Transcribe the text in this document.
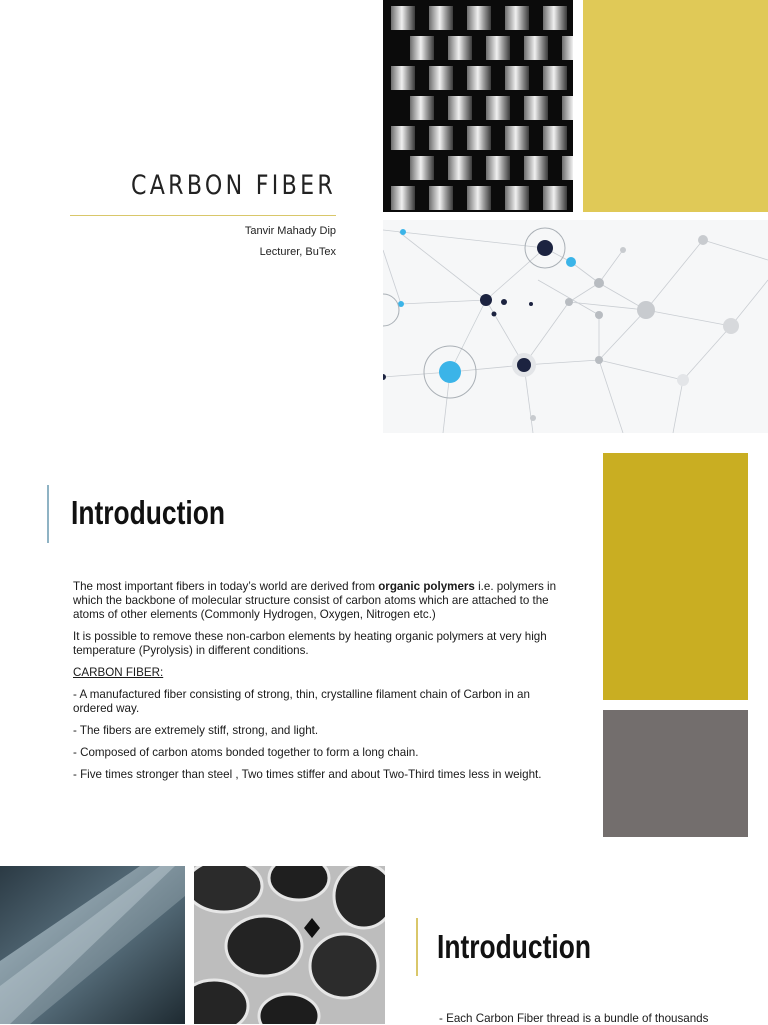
CARBON FIBER
Tanvir Mahady Dip
Lecturer, BuTex
Introduction

The most important fibers in today’s world are derived from organic polymers i.e. polymers in which the backbone of molecular structure consist of carbon atoms which are attached to the atoms of other elements (Commonly Hydrogen, Oxygen, Nitrogen etc.)

It is possible to remove these non-carbon elements by heating organic polymers at very high temperature (Pyrolysis) in different conditions.

CARBON FIBER:

- A manufactured fiber consisting of strong, thin, crystalline filament chain of Carbon in an ordered way.

- The fibers are extremely stiff, strong, and light.

- Composed of carbon atoms bonded together to form a long chain.

- Five times stronger than steel , Two times stiffer and about Two-Third times less in weight.

Introduction
- Each Carbon Fiber thread is a bundle of thousands
